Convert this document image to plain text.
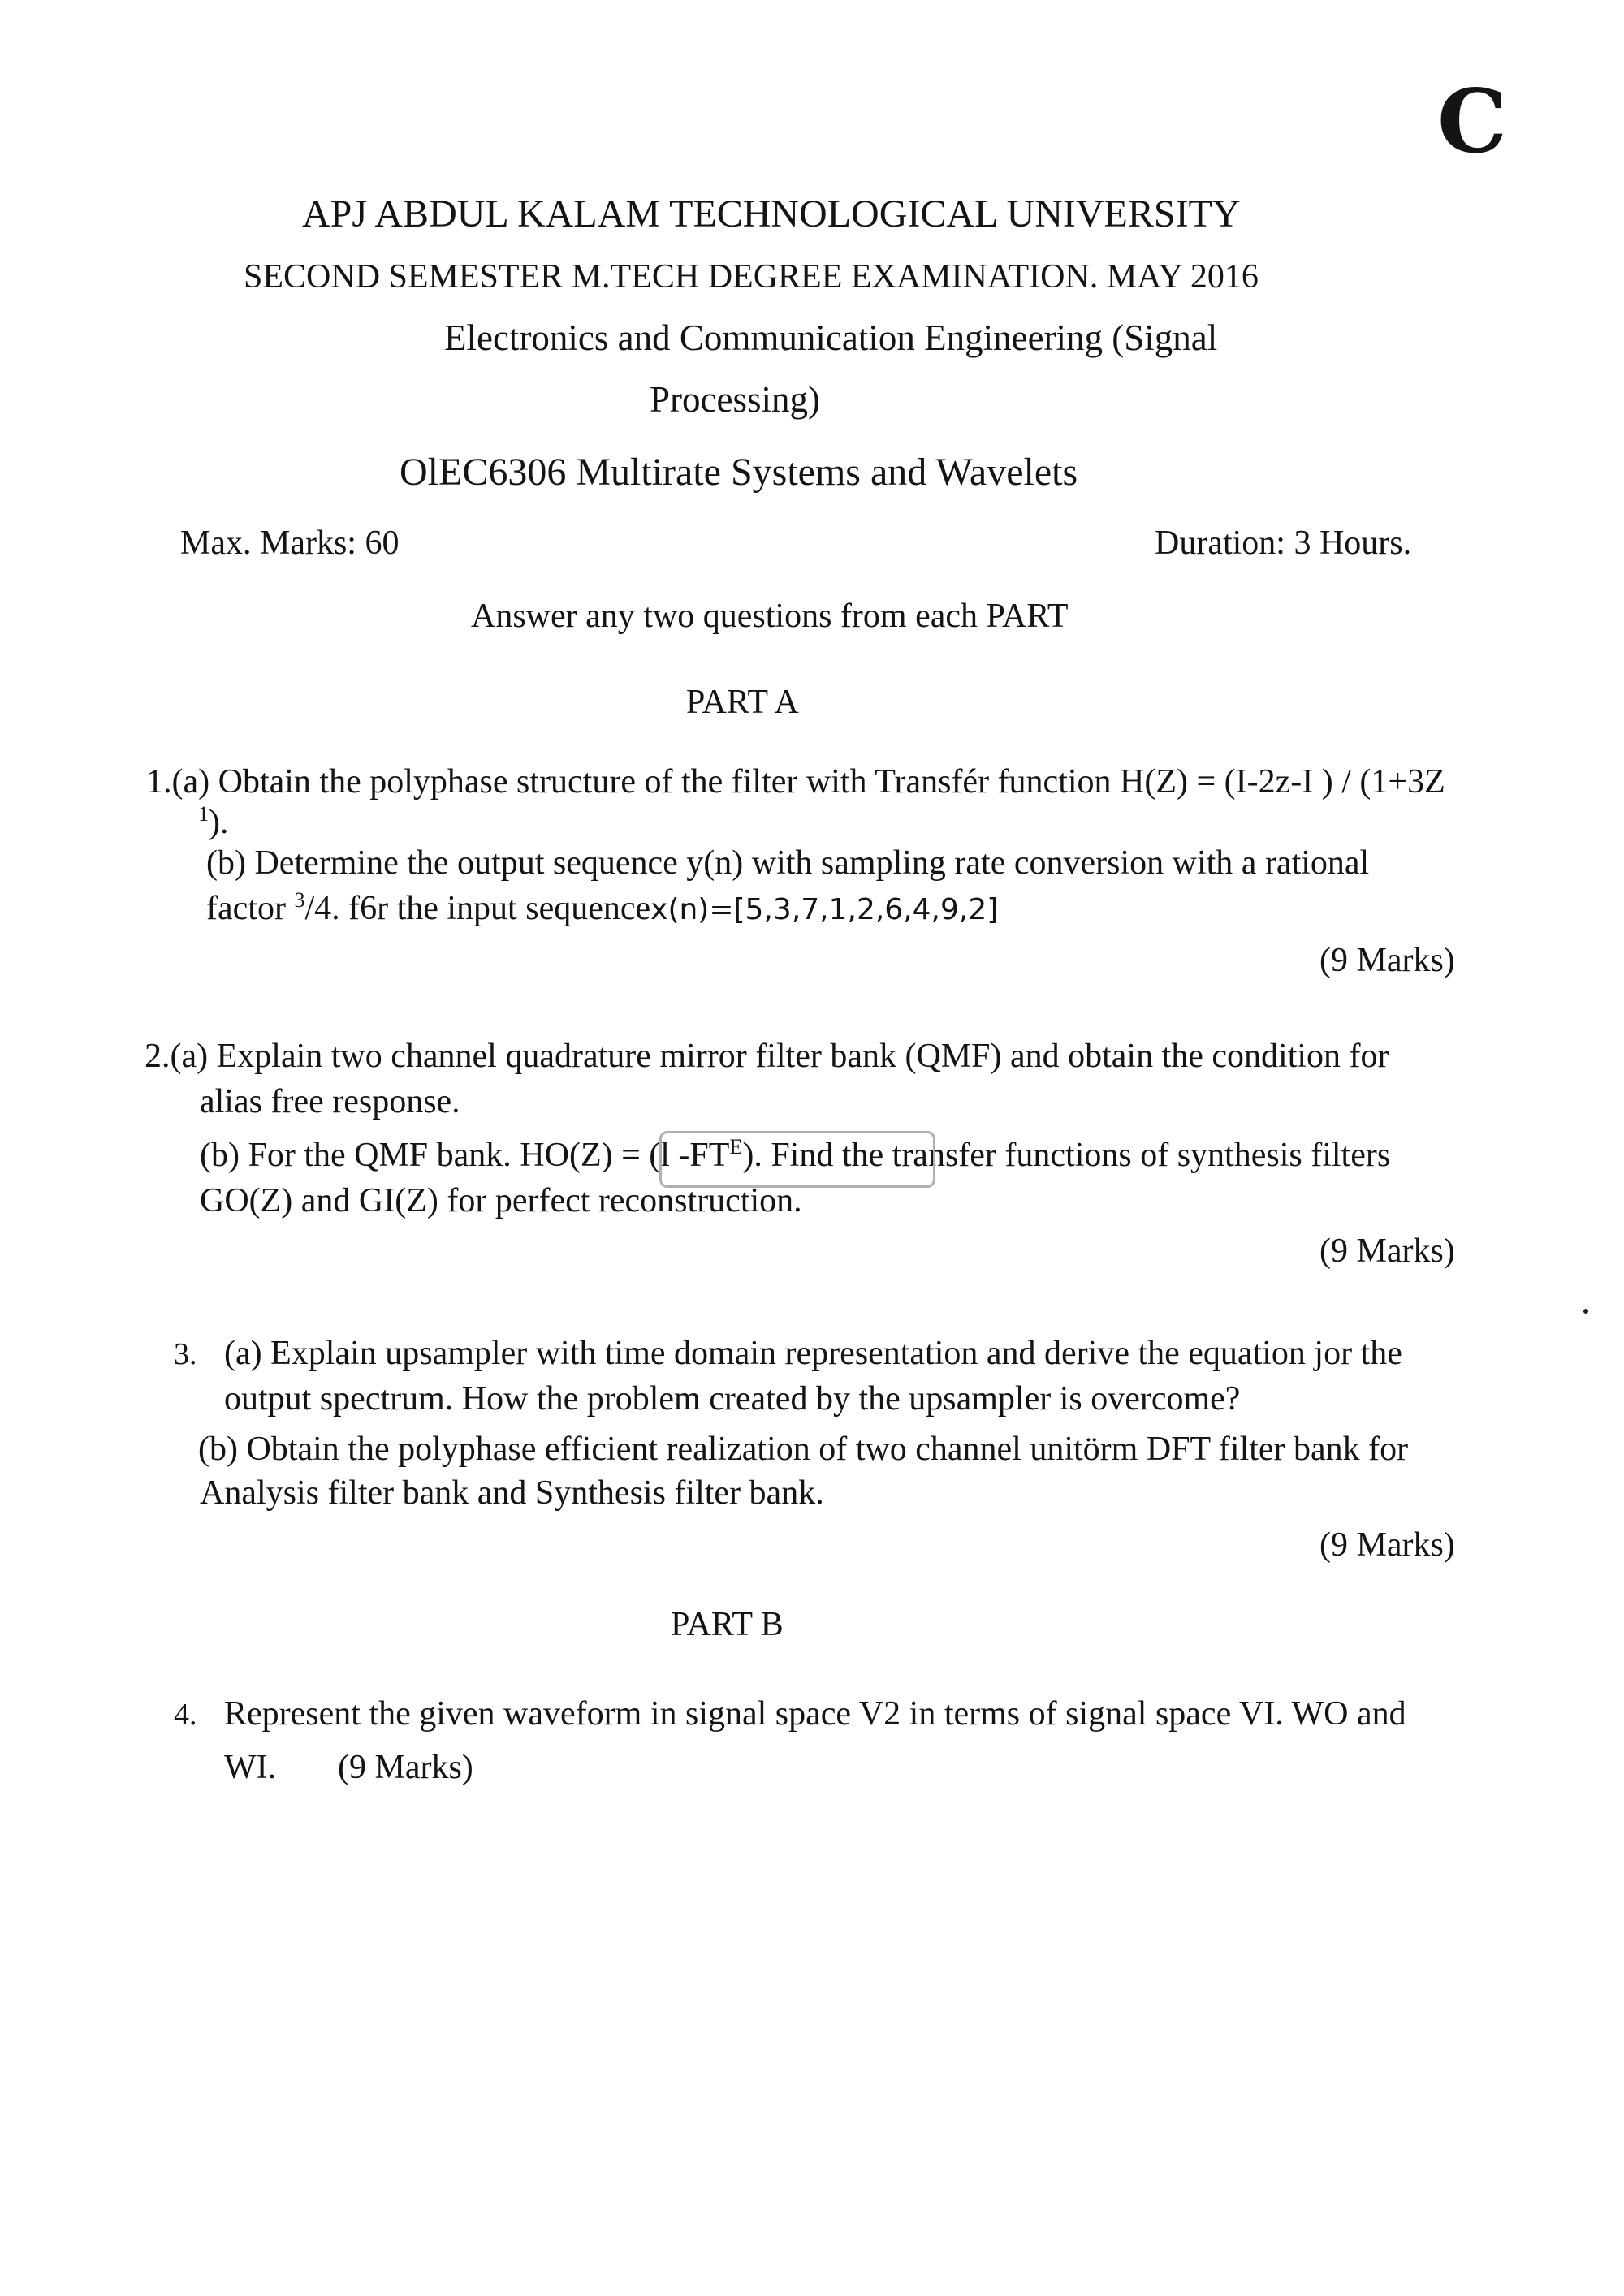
C
APJ ABDUL KALAM TECHNOLOGICAL UNIVERSITY
SECOND SEMESTER M.TECH DEGREE EXAMINATION. MAY 2016
Electronics and Communication Engineering (Signal
Processing)
OlEC6306 Multirate Systems and Wavelets
Max. Marks: 60	Duration: 3 Hours.
Answer any two questions from each PART
PART A
1.(a) Obtain the polyphase structure of the filter with Transfér function H(Z) = (I-2z-I ) / (1+3Z
$^1$).
(b) Determine the output sequence y(n) with sampling rate conversion with a rational
factor $^3$/4. f6r the input sequencex(n)=[5,3,7,1,2,6,4,9,2]
(9 Marks)
2.(a) Explain two channel quadrature mirror filter bank (QMF) and obtain the condition for
alias free response.
(b) For the QMF bank. HO(Z) = (l $-FT^E$). Find the transfer functions of synthesis filters
GO(Z) and GI(Z) for perfect reconstruction.
(9 Marks)
3. (a) Explain upsampler with time domain representation and derive the equation jor the
output spectrum. How the problem created by the upsampler is overcome?
(b) Obtain the polyphase efficient realization of two channel unitörm DFT filter bank for
Analysis filter bank and Synthesis filter bank.
(9 Marks)
PART B
4. Represent the given waveform in signal space V2 in terms of signal space VI. WO and
WI. (9 Marks)
